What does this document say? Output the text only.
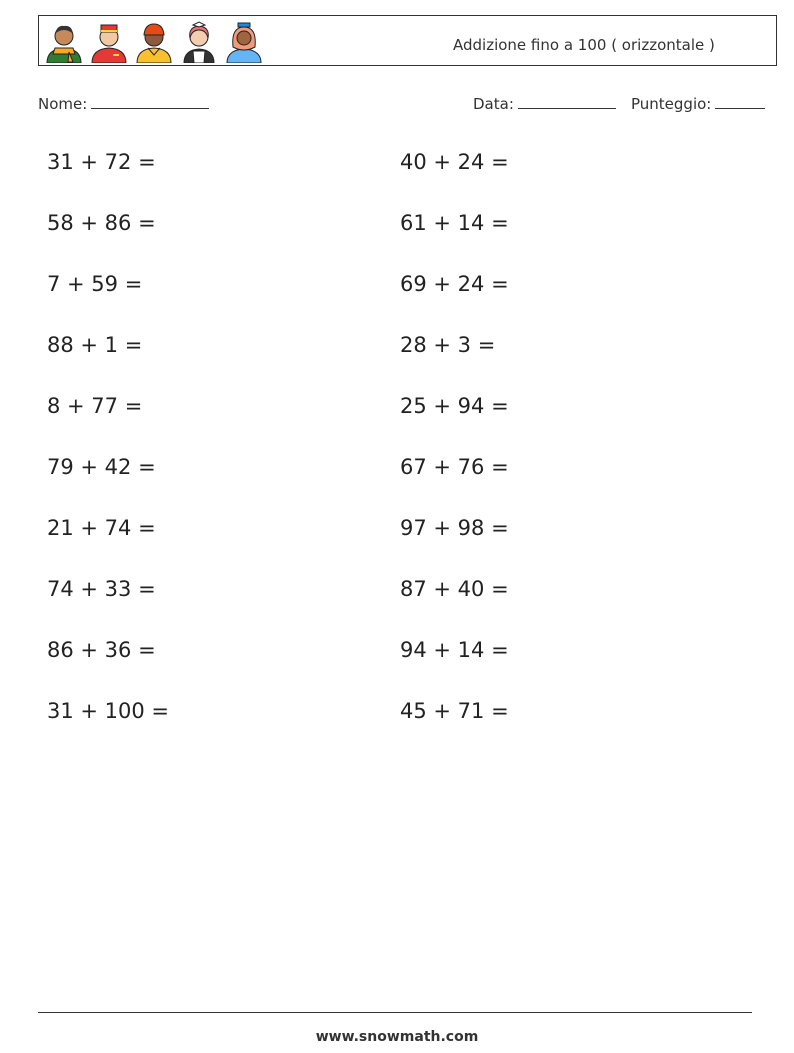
Addizione fino a 100 ( orizzontale )
Nome:	Data:	Punteggio:
31 + 72 =	40 + 24 =
58 + 86 =	61 + 14 =
7 + 59 =	69 + 24 =
88 + 1 =	28 + 3 =
8 + 77 =	25 + 94 =
79 + 42 =	67 + 76 =
21 + 74 =	97 + 98 =
74 + 33 =	87 + 40 =
86 + 36 =	94 + 14 =
31 + 100 =	45 + 71 =
www.snowmath.com
